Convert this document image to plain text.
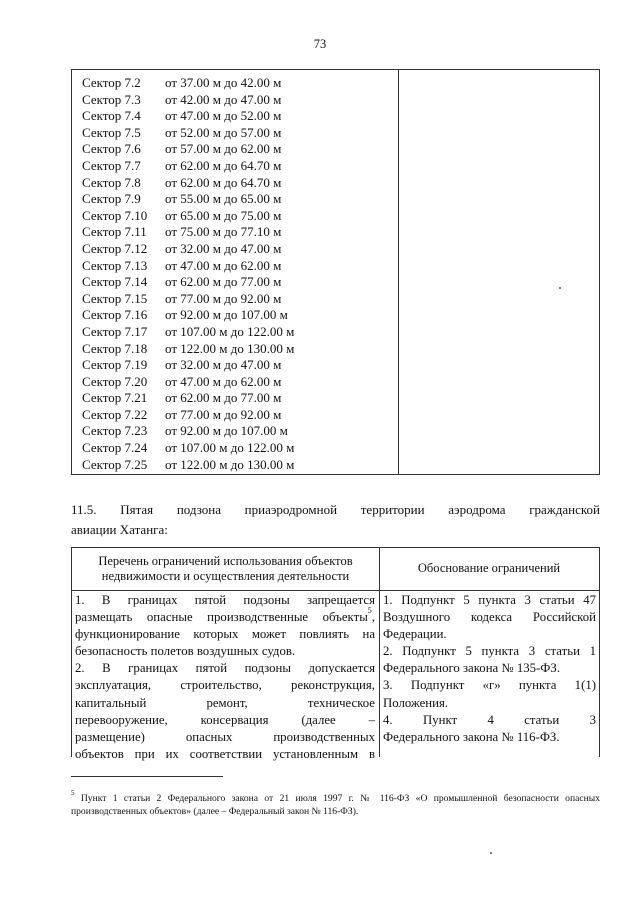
73
Сектор 7.2 от 37.00 м до 42.00 м
Сектор 7.3 от 42.00 м до 47.00 м
Сектор 7.4 от 47.00 м до 52.00 м
Сектор 7.5 от 52.00 м до 57.00 м
Сектор 7.6 от 57.00 м до 62.00 м
Сектор 7.7 от 62.00 м до 64.70 м
Сектор 7.8 от 62.00 м до 64.70 м
Сектор 7.9 от 55.00 м до 65.00 м
Сектор 7.10 от 65.00 м до 75.00 м
Сектор 7.11 от 75.00 м до 77.10 м
Сектор 7.12 от 32.00 м до 47.00 м
Сектор 7.13 от 47.00 м до 62.00 м
Сектор 7.14 от 62.00 м до 77.00 м
Сектор 7.15 от 77.00 м до 92.00 м
Сектор 7.16 от 92.00 м до 107.00 м
Сектор 7.17 от 107.00 м до 122.00 м
Сектор 7.18 от 122.00 м до 130.00 м
Сектор 7.19 от 32.00 м до 47.00 м
Сектор 7.20 от 47.00 м до 62.00 м
Сектор 7.21 от 62.00 м до 77.00 м
Сектор 7.22 от 77.00 м до 92.00 м
Сектор 7.23 от 92.00 м до 107.00 м
Сектор 7.24 от 107.00 м до 122.00 м
Сектор 7.25 от 122.00 м до 130.00 м
11.5. Пятая подзона приаэродромной территории аэродрома гражданской
авиации Хатанга:
Перечень ограничений использования объектов
недвижимости и осуществления деятельности
Обоснование ограничений
1. В границах пятой подзоны запрещается
размещать опасные производственные объекты$^5$,
функционирование которых может повлиять на
безопасность полетов воздушных судов.
2. В границах пятой подзоны допускается
эксплуатация, строительство, реконструкция,
капитальный ремонт, техническое
перевооружение, консервация (далее –
размещение) опасных производственных
объектов при их соответствии установленным в
1. Подпункт 5 пункта 3 статьи 47
Воздушного кодекса Российской
Федерации.
2. Подпункт 5 пункта 3 статьи 1
Федерального закона № 135-ФЗ.
3. Подпункт «г» пункта 1(1)
Положения.
4. Пункт 4 статьи 3
Федерального закона № 116-ФЗ.
$^5$ Пункт 1 статьи 2 Федерального закона от 21 июля 1997 г. № 116-ФЗ «О промышленной безопасности опасных производственных объектов» (далее – Федеральный закон № 116-ФЗ).
